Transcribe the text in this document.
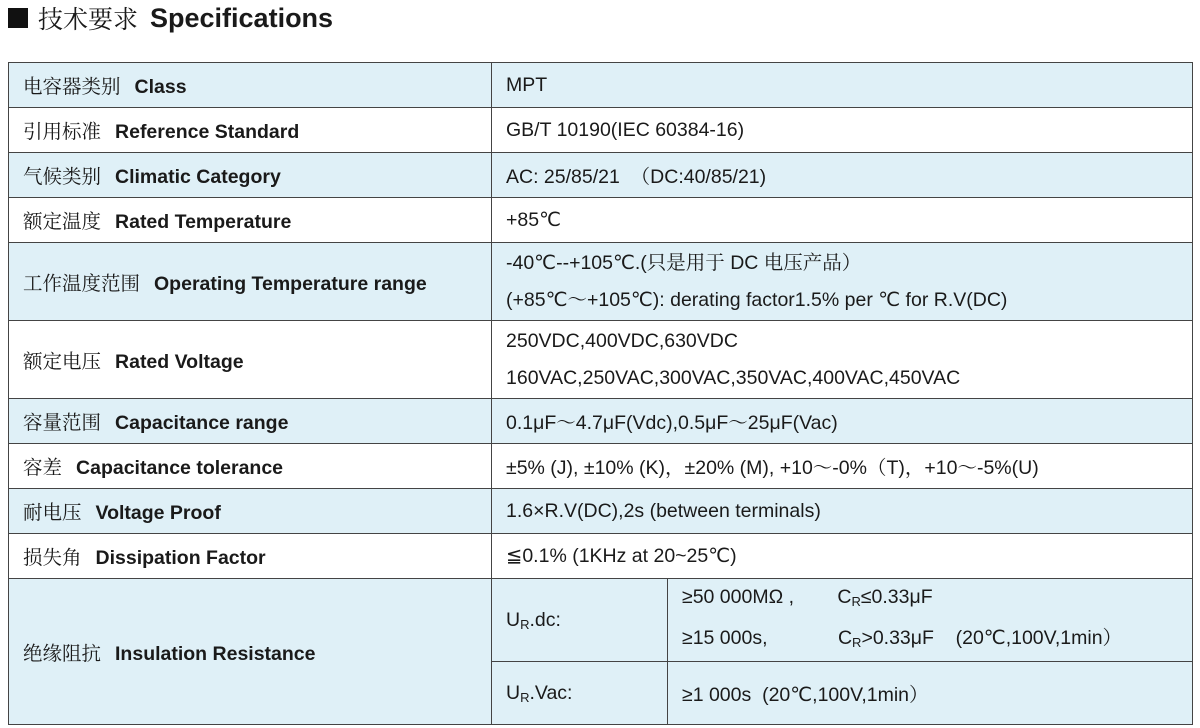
技术要求 Specifications
电容器类别 Class	MPT	
引用标准 Reference Standard	GB/T 10190(IEC 60384-16)	
气候类别 Climatic Category	AC: 25/85/21  （DC:40/85/21)	
额定温度 Rated Temperature	+85℃	
工作温度范围 Operating Temperature range	-40℃--+105℃.(只是用于 DC 电压产品）
(+85℃～+105℃): derating factor1.5% per ℃ for R.V(DC)	

额定电压 Rated Voltage	250VDC,400VDC,630VDC
160VAC,250VAC,300VAC,350VAC,400VAC,450VAC	

容量范围 Capacitance range	0.1μF～4.7μF(Vdc),0.5μF～25μF(Vac)	
容差 Capacitance tolerance	±5% (J), ±10% (K)，±20% (M), +10～-0%（T)，+10～-5%(U)	
耐电压 Voltage Proof	1.6×R.V(DC),2s (between terminals)	
损失角 Dissipation Factor	≦0.1% (1KHz at 20~25℃)	
绝缘阻抗 Insulation Resistance	$U_R.dc$:	≥50 000MΩ , $C_R\le 0.33\mu F$
≥15 000s, $C_R>0.33\mu F$ (20℃,100V,1min）

	$U_R.Vac$:	≥1 000s  (20℃,100V,1min）
